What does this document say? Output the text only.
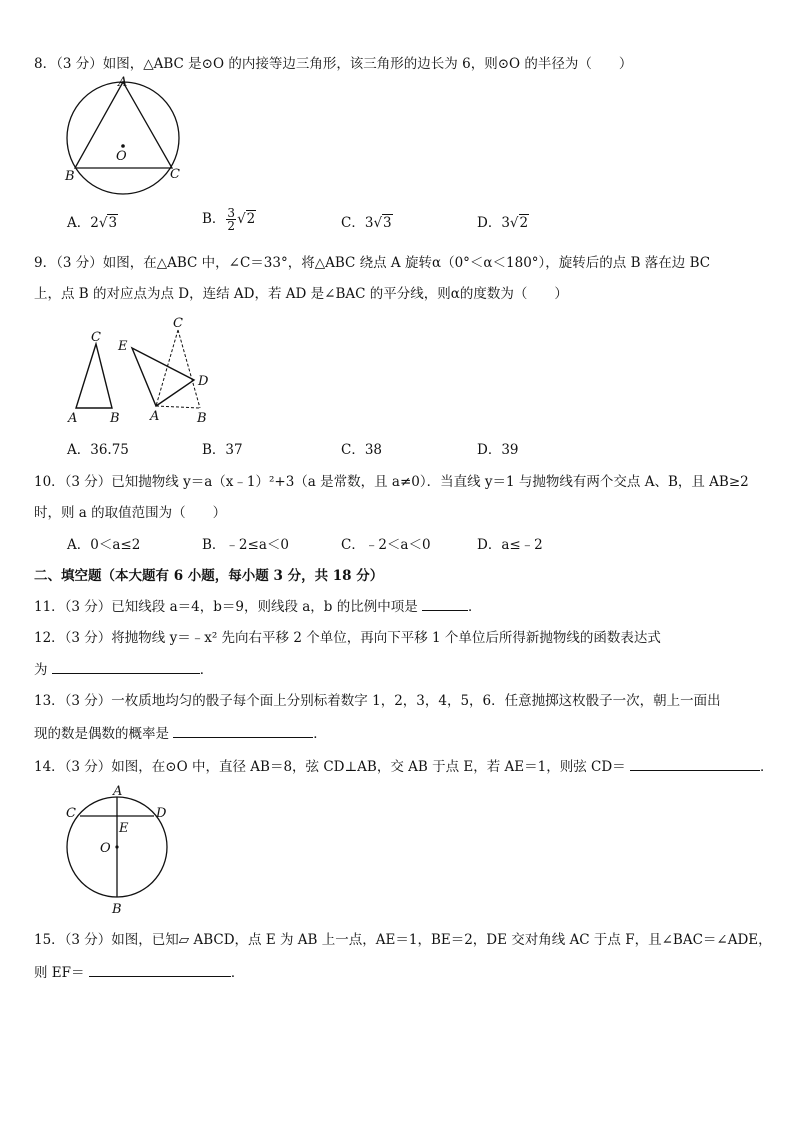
8．（3 分）如图，△ABC 是⊙O 的内接等边三角形，该三角形的边长为 6，则⊙O 的半径为（　　）
A
B	C
O
A．2√3	B． $\frac{3}{2} √2$	C．3√3	D．3√2
9．（3 分）如图，在△ABC 中，∠C＝33°，将△ABC 绕点 A 旋转α（0°＜α＜180°），旋转后的点 B 落在边 BC
上，点 B 的对应点为点 D，连结 AD，若 AD 是∠BAC 的平分线，则α的度数为（　　）
C
A	B
C
E
D
A	B
A．36.75	B．37	C．38	D．39
10．（3 分）已知抛物线 y＝a（x﹣1）²+3（a 是常数，且 a≠0）．当直线 y＝1 与抛物线有两个交点 A、B，且 AB≥2
时，则 a 的取值范围为（　　）
A．0＜a≤2	B．﹣2≤a＜0	C．﹣2＜a＜0	D．a≤﹣2
二、填空题（本大题有 6 小题，每小题 3 分，共 18 分）
11．（3 分）已知线段 a＝4，b＝9，则线段 a，b 的比例中项是	．
12．（3 分）将抛物线 y＝﹣x² 先向右平移 2 个单位，再向下平移 1 个单位后所得新抛物线的函数表达式
为	．
13．（3 分）一枚质地均匀的骰子每个面上分别标着数字 1，2，3，4，5，6．任意抛掷这枚骰子一次，朝上一面出
现的数是偶数的概率是	．
14．（3 分）如图，在⊙O 中，直径 AB＝8，弦 CD⊥AB，交 AB 于点 E，若 AE＝1，则弦 CD＝	．
A
C	D
E
O
B
15．（3 分）如图，已知▱ ABCD，点 E 为 AB 上一点，AE＝1，BE＝2，DE 交对角线 AC 于点 F，且∠BAC＝∠ADE，
则 EF＝	．
